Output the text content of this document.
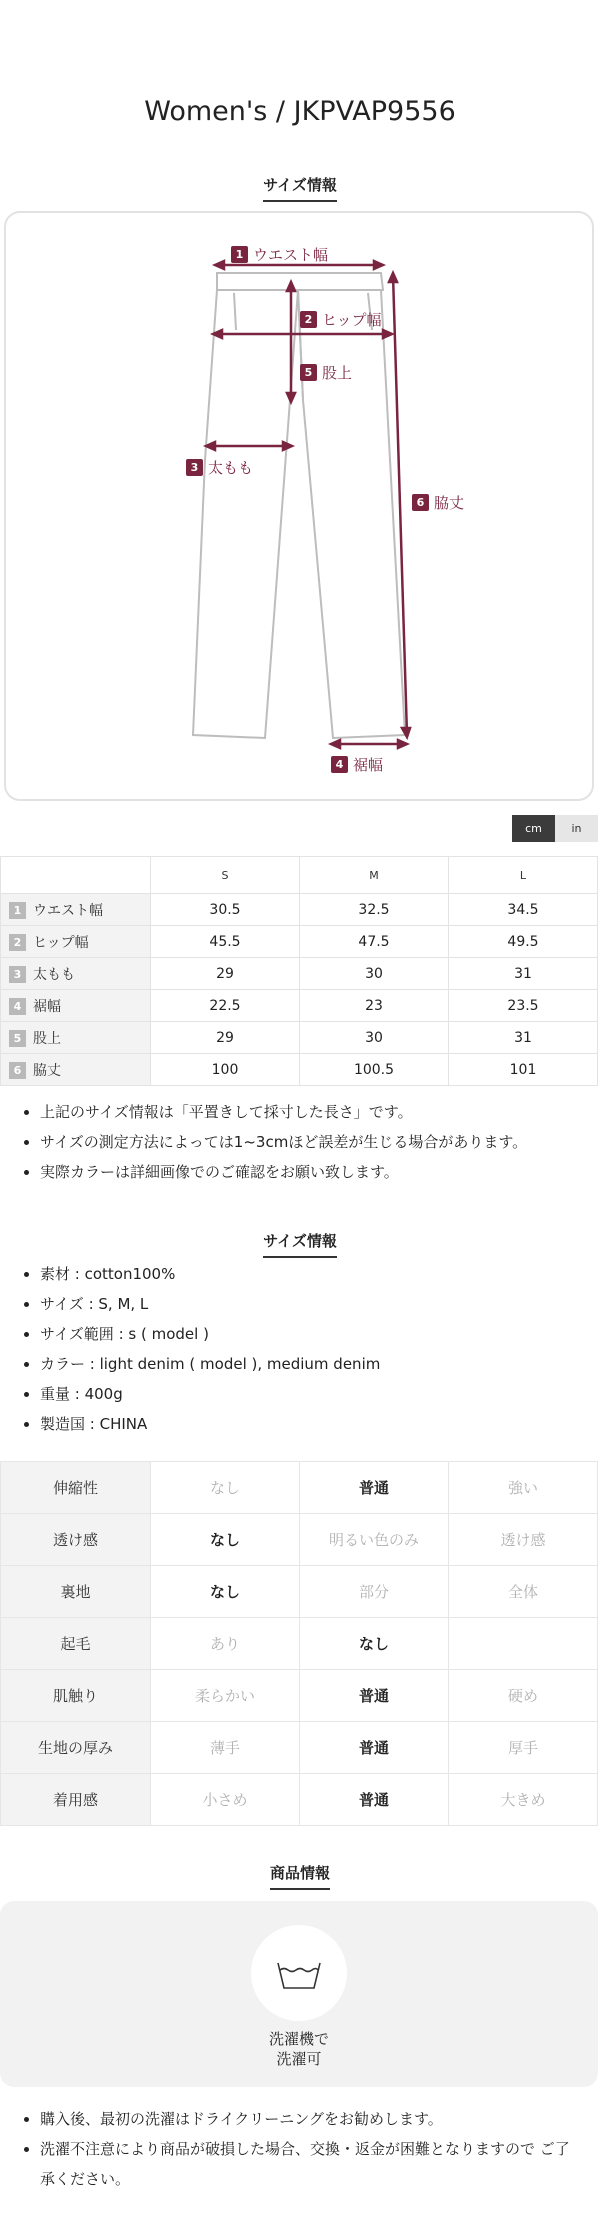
Women's / JKPVAP9556
サイズ情報
1 ウエスト幅
2 ヒップ幅
5 股上
3 太もも
6 脇丈
4 裾幅
cm	in
	S	M	L
1 ウエスト幅	30.5	32.5	34.5
2 ヒップ幅	45.5	47.5	49.5
3 太もも	29	30	31
4 裾幅	22.5	23	23.5
5 股上	29	30	31
6 脇丈	100	100.5	101
• 上記のサイズ情報は「平置きして採寸した長さ」です。
• サイズの測定方法によっては1~3cmほど誤差が生じる場合があります。
• 実際カラーは詳細画像でのご確認をお願い致します。
サイズ情報
• 素材 : cotton100%
• サイズ : S, M, L
• サイズ範囲 : s ( model )
• カラー : light denim ( model ), medium denim
• 重量 : 400g
• 製造国 : CHINA
伸縮性	なし	普通	強い
透け感	なし	明るい色のみ	透け感
裏地	なし	部分	全体
起毛	あり	なし	
肌触り	柔らかい	普通	硬め
生地の厚み	薄手	普通	厚手
着用感	小さめ	普通	大きめ
商品情報
洗濯機で
洗濯可
• 購入後、最初の洗濯はドライクリーニングをお勧めします。
• 洗濯不注意により商品が破損した場合、交換・返金が困難となりますので ご了承ください。
